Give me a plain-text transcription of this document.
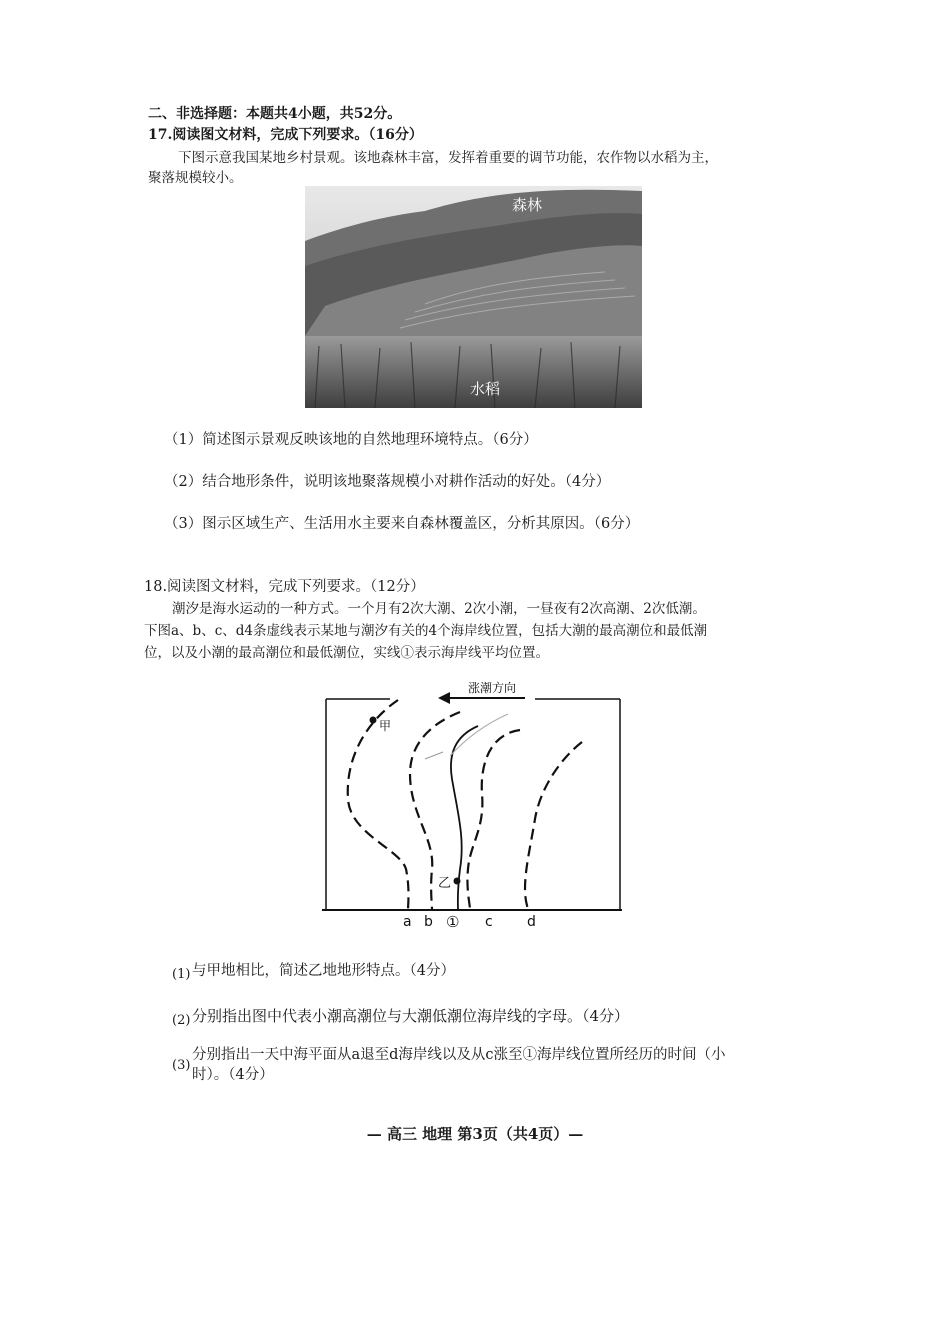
二、非选择题：本题共4小题，共52分。
17.阅读图文材料，完成下列要求。（16分）
下图示意我国某地乡村景观。该地森林丰富，发挥着重要的调节功能，农作物以水稻为主，
聚落规模较小。
森林
水稻
（1）简述图示景观反映该地的自然地理环境特点。（6分）
（2）结合地形条件，说明该地聚落规模小对耕作活动的好处。（4分）
（3）图示区域生产、生活用水主要来自森林覆盖区，分析其原因。（6分）
18.阅读图文材料，完成下列要求。（12分）
潮汐是海水运动的一种方式。一个月有2次大潮、2次小潮，一昼夜有2次高潮、2次低潮。
下图a、b、c、d4条虚线表示某地与潮汐有关的4个海岸线位置，包括大潮的最高潮位和最低潮
位，以及小潮的最高潮位和最低潮位，实线①表示海岸线平均位置。
涨潮方向
甲
乙
a b ① c d
(1) 与甲地相比，简述乙地地形特点。（4分）
(2) 分别指出图中代表小潮高潮位与大潮低潮位海岸线的字母。（4分）
(3)
分别指出一天中海平面从a退至d海岸线以及从c涨至①海岸线位置所经历的时间（小
时）。（4分）
— 高三 地理 第3页（共4页）—
